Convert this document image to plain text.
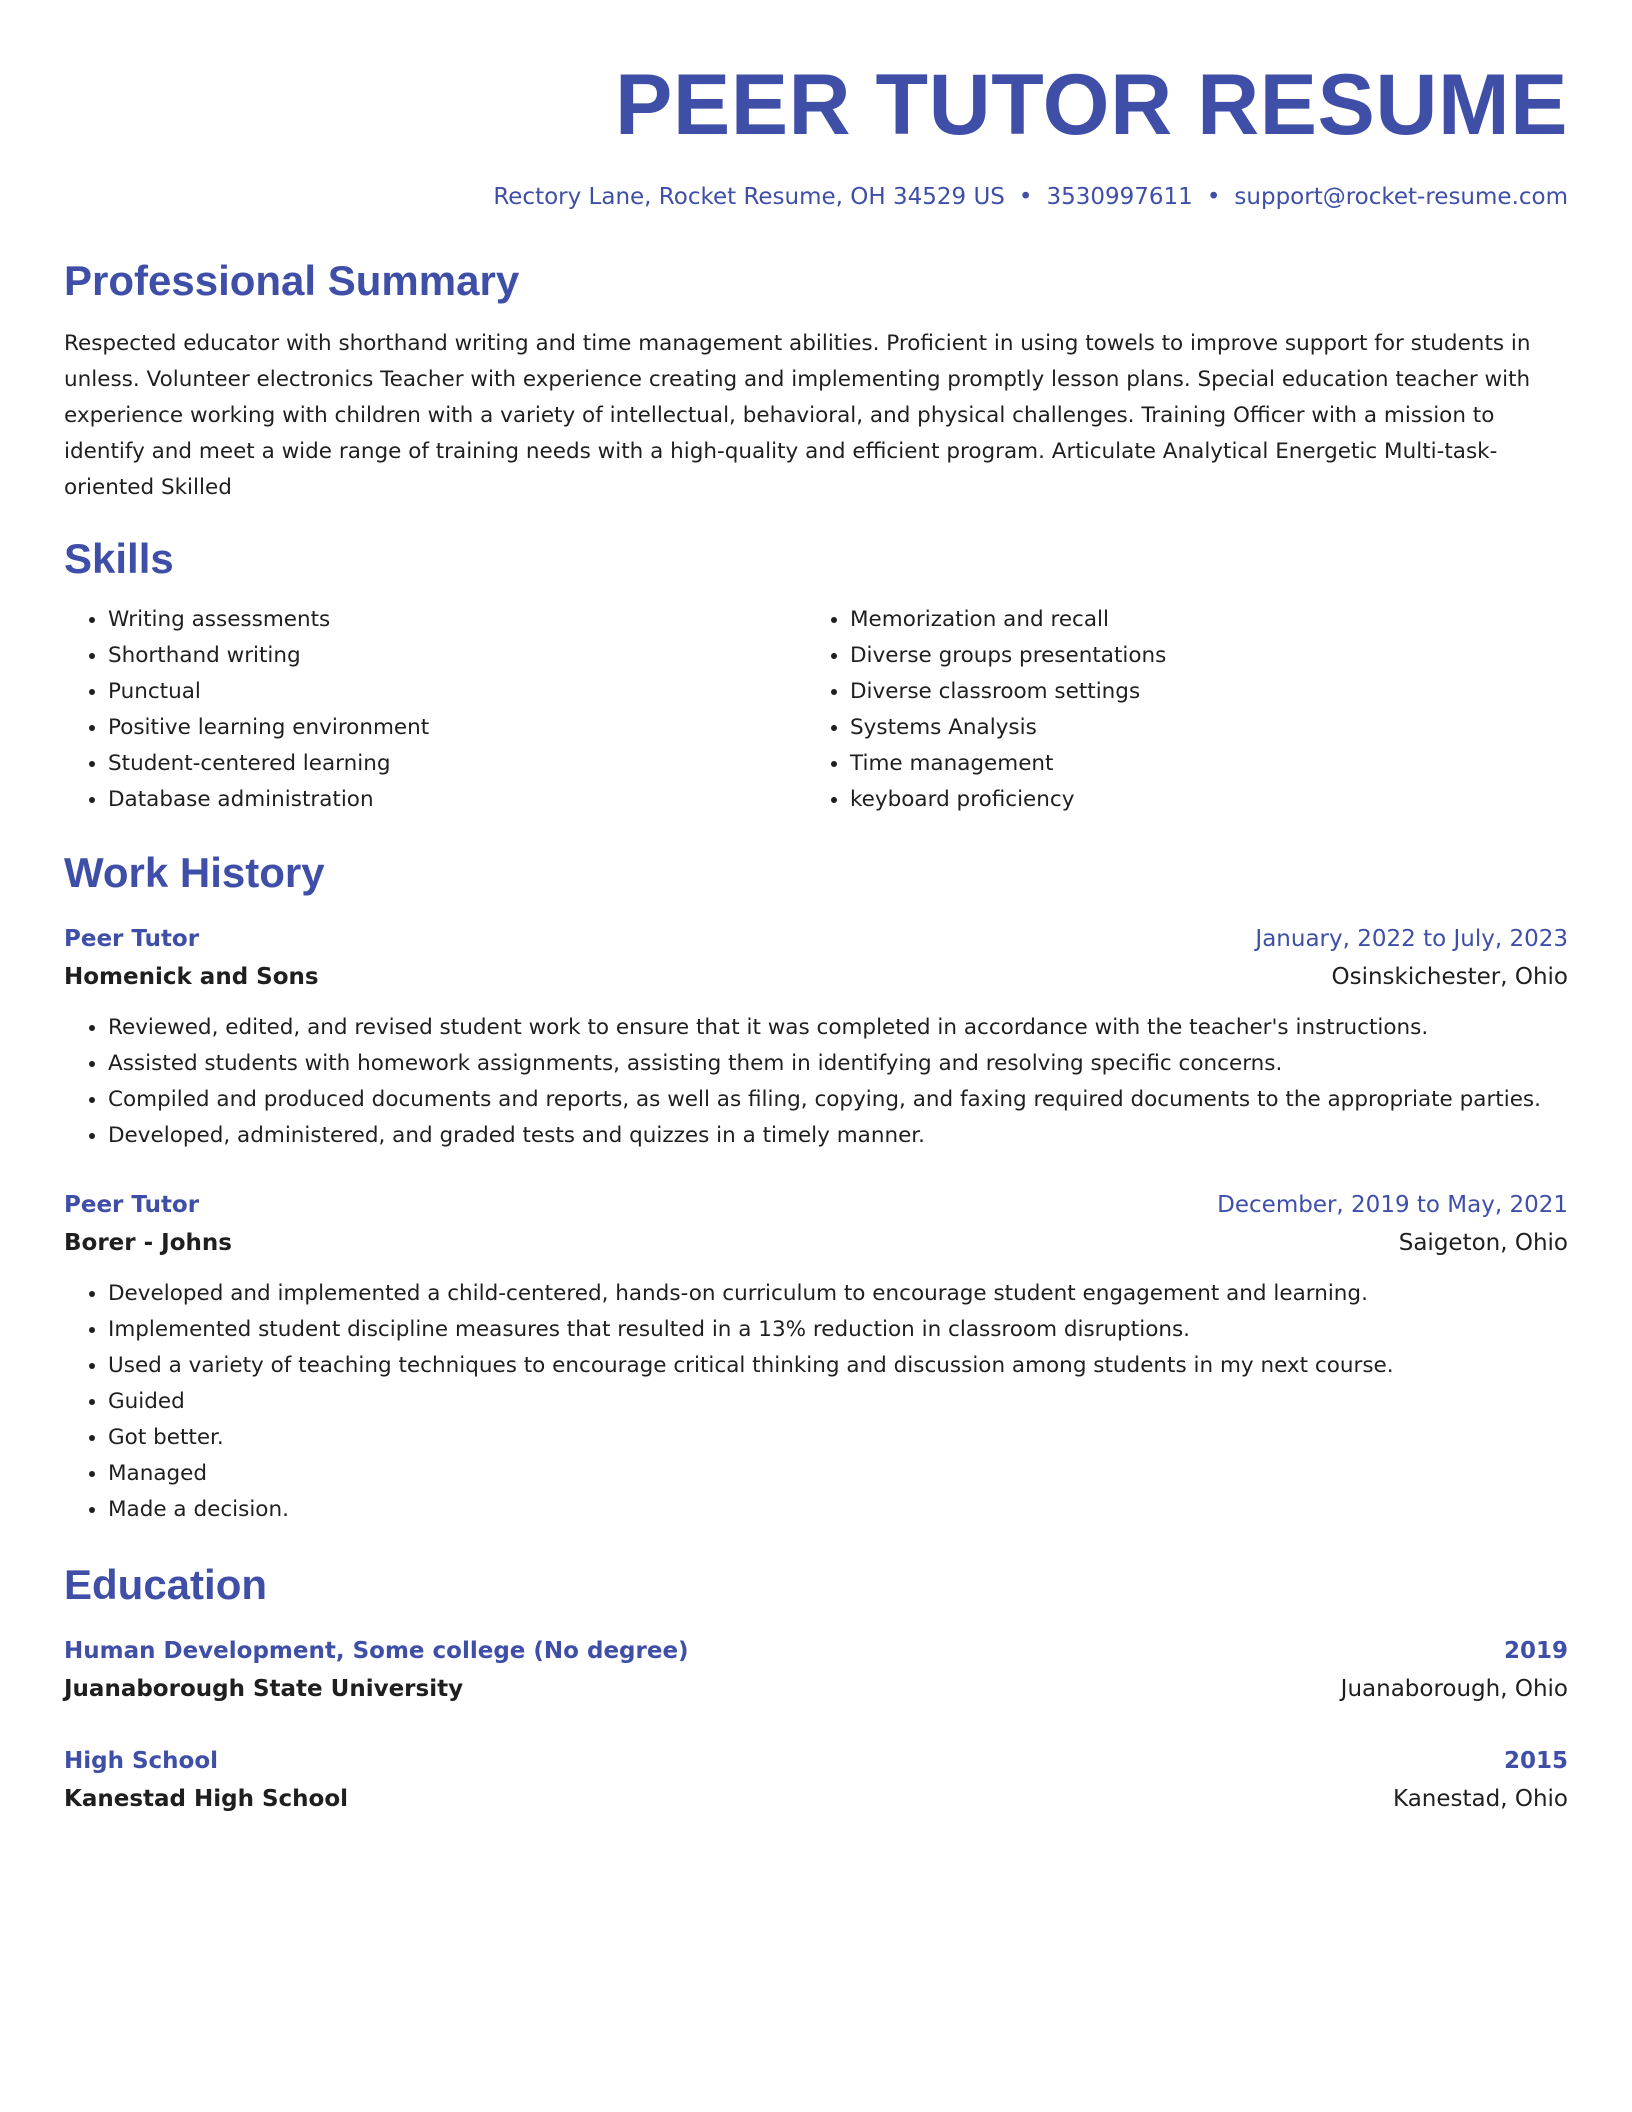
PEER TUTOR RESUME
Rectory Lane, Rocket Resume, OH 34529 US • 3530997611 • support@rocket-resume.com
Professional Summary

Respected educator with shorthand writing and time management abilities. Proficient in using towels to improve support for students in unless. Volunteer electronics Teacher with experience creating and implementing promptly lesson plans. Special education teacher with experience working with children with a variety of intellectual, behavioral, and physical challenges. Training Officer with a mission to identify and meet a wide range of training needs with a high-quality and efficient program. Articulate Analytical Energetic Multi-task-oriented Skilled

Skills
• Writing assessments
• Shorthand writing
• Punctual
• Positive learning environment
• Student-centered learning
• Database administration
• Memorization and recall
• Diverse groups presentations
• Diverse classroom settings
• Systems Analysis
• Time management
• keyboard proficiency
Work History
Peer Tutor	January, 2022 to July, 2023
Homenick and Sons	Osinskichester, Ohio
• Reviewed, edited, and revised student work to ensure that it was completed in accordance with the teacher's instructions.
• Assisted students with homework assignments, assisting them in identifying and resolving specific concerns.
• Compiled and produced documents and reports, as well as filing, copying, and faxing required documents to the appropriate parties.
• Developed, administered, and graded tests and quizzes in a timely manner.
Peer Tutor	December, 2019 to May, 2021
Borer - Johns	Saigeton, Ohio
• Developed and implemented a child-centered, hands-on curriculum to encourage student engagement and learning.
• Implemented student discipline measures that resulted in a 13% reduction in classroom disruptions.
• Used a variety of teaching techniques to encourage critical thinking and discussion among students in my next course.
• Guided
• Got better.
• Managed
• Made a decision.
Education
Human Development, Some college (No degree)	2019
Juanaborough State University	Juanaborough, Ohio
High School	2015
Kanestad High School	Kanestad, Ohio
